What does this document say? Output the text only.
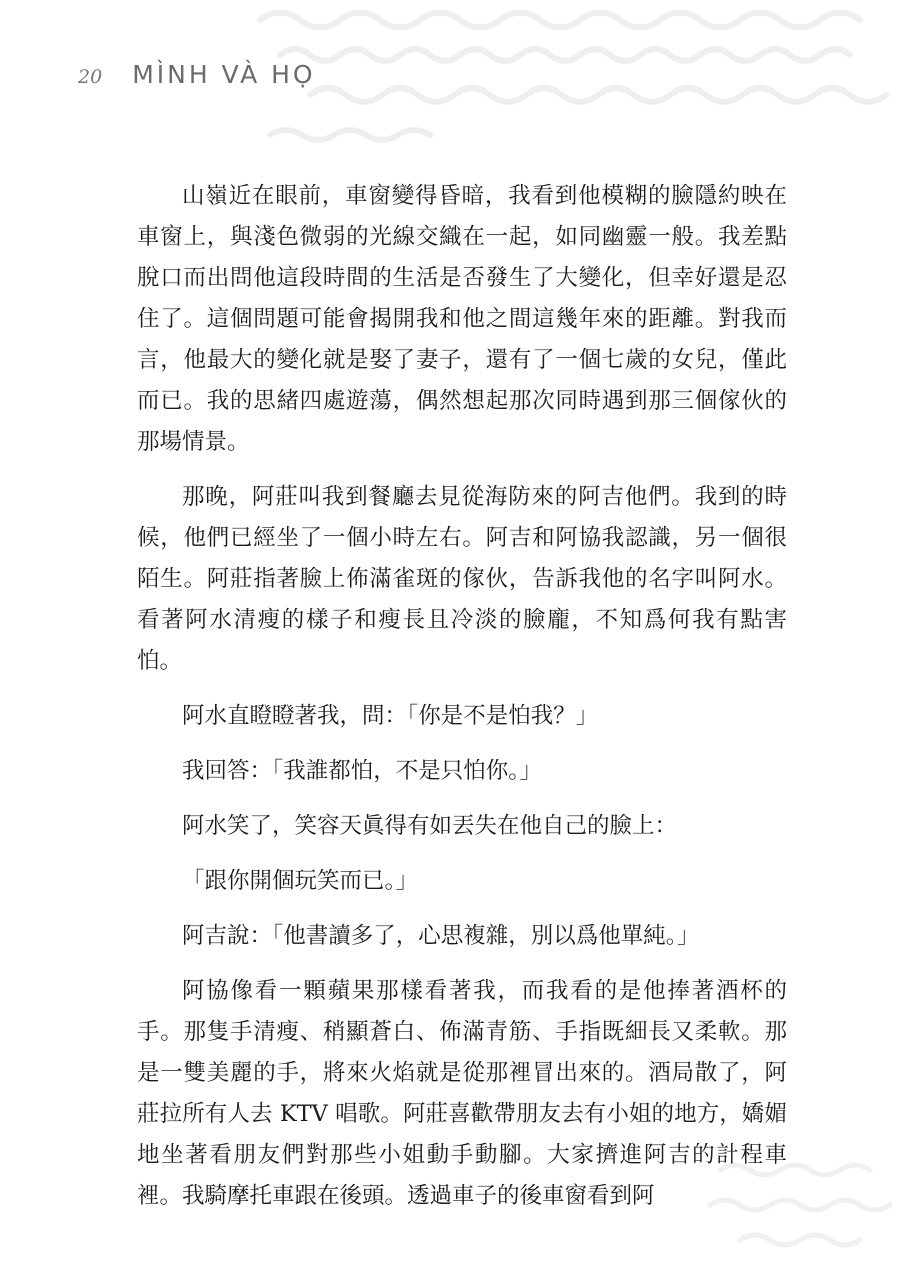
20 MÌNH VÀ HỌ

山嶺近在眼前，車窗變得昏暗，我看到他模糊的臉隱約映在車窗上，與淺色微弱的光線交織在一起，如同幽靈一般。我差點脫口而出問他這段時間的生活是否發生了大變化，但幸好還是忍住了。這個問題可能會揭開我和他之間這幾年來的距離。對我而言，他最大的變化就是娶了妻子，還有了一個七歲的女兒，僅此而已。我的思緒四處遊蕩，偶然想起那次同時遇到那三個傢伙的那場情景。

那晚，阿莊叫我到餐廳去見從海防來的阿吉他們。我到的時候，他們已經坐了一個小時左右。阿吉和阿協我認識，另一個很陌生。阿莊指著臉上佈滿雀斑的傢伙，告訴我他的名字叫阿水。看著阿水清瘦的樣子和瘦長且冷淡的臉龐，不知爲何我有點害怕。

阿水直瞪瞪著我，問：「你是不是怕我？」

我回答：「我誰都怕，不是只怕你。」

阿水笑了，笑容天眞得有如丟失在他自己的臉上：

「跟你開個玩笑而已。」

阿吉說：「他書讀多了，心思複雜，別以爲他單純。」

阿協像看一顆蘋果那樣看著我，而我看的是他捧著酒杯的手。那隻手清瘦、稍顯蒼白、佈滿青筋、手指既細長又柔軟。那是一雙美麗的手，將來火焰就是從那裡冒出來的。酒局散了，阿莊拉所有人去 KTV 唱歌。阿莊喜歡帶朋友去有小姐的地方，嬌媚地坐著看朋友們對那些小姐動手動腳。大家擠進阿吉的計程車裡。我騎摩托車跟在後頭。透過車子的後車窗看到阿
